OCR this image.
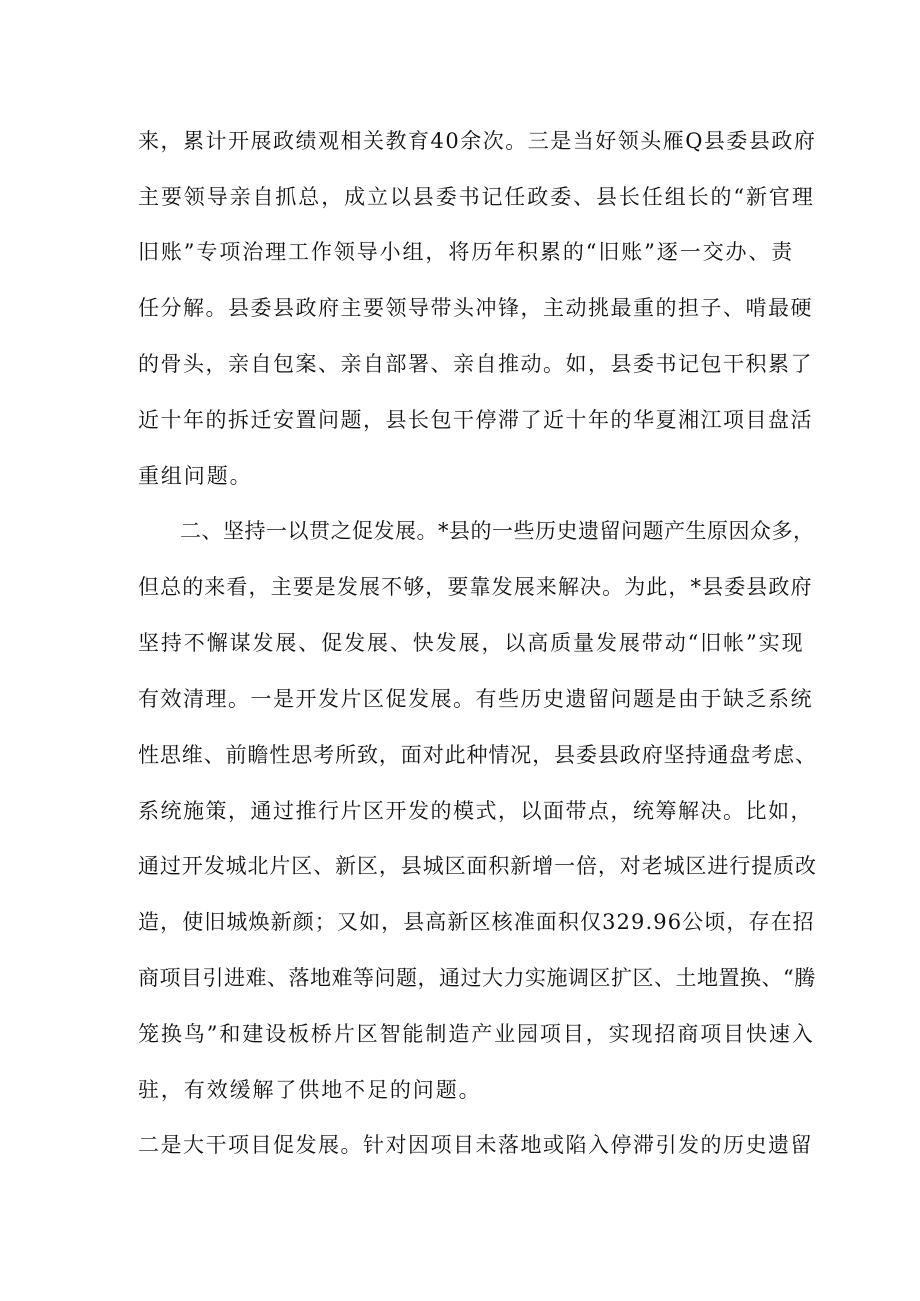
来，累计开展政绩观相关教育40余次。三是当好领头雁Q县委县政府
主要领导亲自抓总，成立以县委书记任政委、县长任组长的“新官理
旧账”专项治理工作领导小组，将历年积累的“旧账”逐一交办、责
任分解。县委县政府主要领导带头冲锋，主动挑最重的担子、啃最硬
的骨头，亲自包案、亲自部署、亲自推动。如，县委书记包干积累了
近十年的拆迁安置问题，县长包干停滞了近十年的华夏湘江项目盘活
重组问题。
二、坚持一以贯之促发展。*县的一些历史遗留问题产生原因众多，
但总的来看，主要是发展不够，要靠发展来解决。为此，*县委县政府
坚持不懈谋发展、促发展、快发展，以高质量发展带动“旧帐”实现
有效清理。一是开发片区促发展。有些历史遗留问题是由于缺乏系统
性思维、前瞻性思考所致，面对此种情况，县委县政府坚持通盘考虑、
系统施策，通过推行片区开发的模式，以面带点，统筹解决。比如，
通过开发城北片区、新区，县城区面积新增一倍，对老城区进行提质改
造，使旧城焕新颜；又如，县高新区核准面积仅329.96公顷，存在招
商项目引进难、落地难等问题，通过大力实施调区扩区、土地置换、“腾
笼换鸟”和建设板桥片区智能制造产业园项目，实现招商项目快速入
驻，有效缓解了供地不足的问题。
二是大干项目促发展。针对因项目未落地或陷入停滞引发的历史遗留
